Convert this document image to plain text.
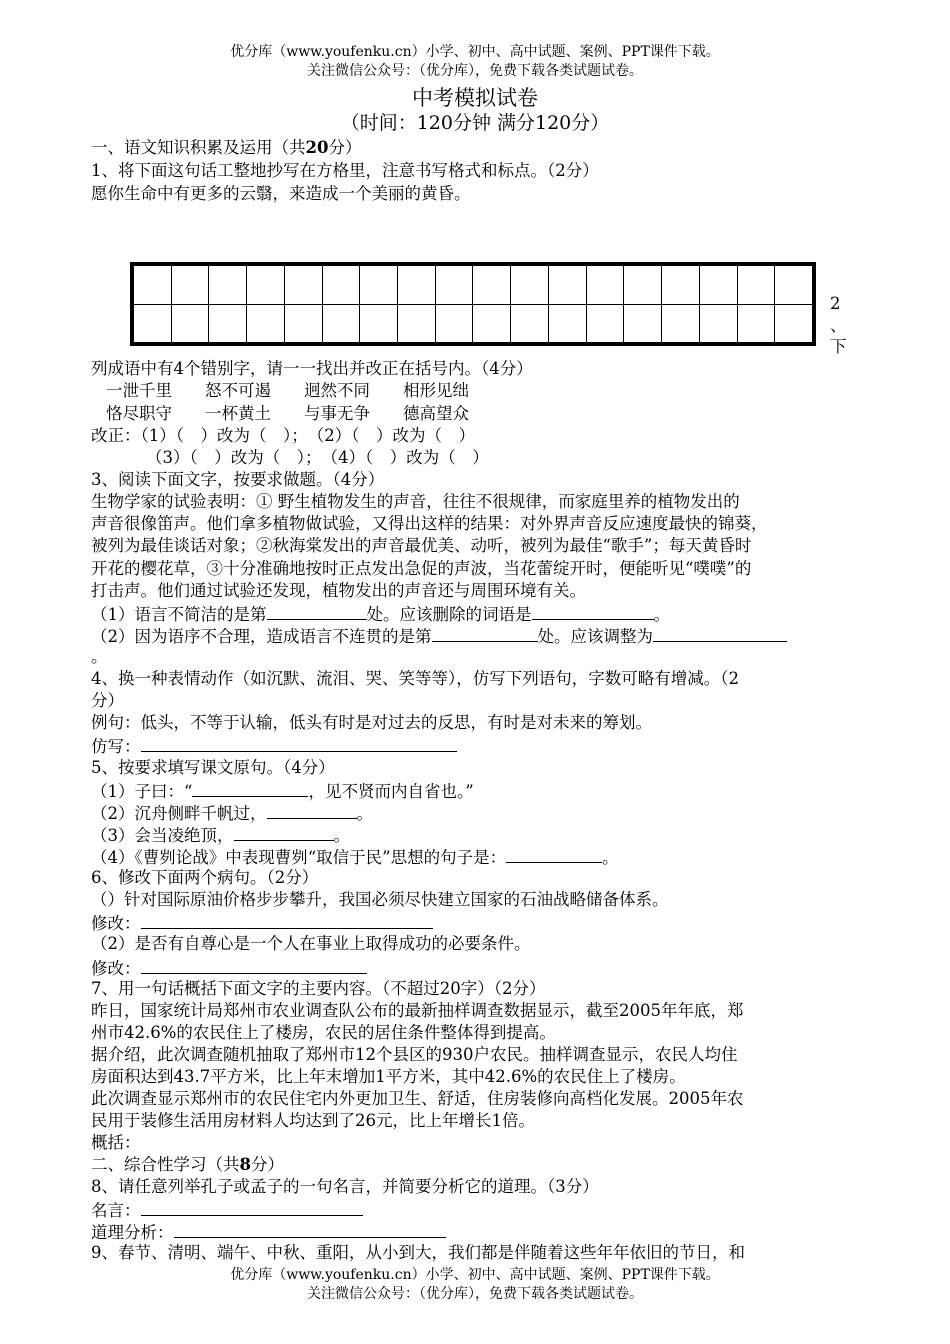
优分库（www.youfenku.cn）小学、初中、高中试题、案例、PPT课件下载。
关注微信公众号：（优分库），免费下载各类试题试卷。
中考模拟试卷
（时间：120分钟 满分120分）
一、语文知识积累及运用（共20分）
1、将下面这句话工整地抄写在方格里，注意书写格式和标点。（2分）
愿你生命中有更多的云翳，来造成一个美丽的黄昏。

2
、
下
列成语中有4个错别字，请一一找出并改正在括号内。（4分）
一泄千里　　怒不可遏　　迥然不同　　相形见绌
恪尽职守　　一杯黄土　　与事无争　　德高望众
改正：（1）（　）改为（　）；　（2）（　）改为（　）
（3）（　）改为（　）；　（4）（　）改为（　）
3、阅读下面文字，按要求做题。（4分）
生物学家的试验表明：① 野生植物发生的声音，往往不很规律，而家庭里养的植物发出的
声音很像笛声。他们拿多植物做试验，又得出这样的结果：对外界声音反应速度最快的锦葵，
被列为最佳谈话对象；②秋海棠发出的声音最优美、动听，被列为最佳“歌手”；每天黄昏时
开花的樱花草，③十分准确地按时正点发出急促的声波，当花蕾绽开时，便能听见“噗噗”的
打击声。他们通过试验还发现，植物发出的声音还与周围环境有关。
（1）语言不简洁的是第	处。应该删除的词语是	。
（2）因为语序不合理，造成语言不连贯的是第	处。应该调整为
。
4、换一种表情动作（如沉默、流泪、哭、笑等等），仿写下列语句，字数可略有增减。（2
分）
例句：低头，不等于认输，低头有时是对过去的反思，有时是对未来的筹划。
仿写：
5、按要求填写课文原句。（4分）
（1）子曰：“	，见不贤而内自省也。”
（2）沉舟侧畔千帆过，	。
（3）会当凌绝顶，	。
（4）《曹刿论战》中表现曹刿“取信于民”思想的句子是：	。
6、修改下面两个病句。（2分）
（）针对国际原油价格步步攀升，我国必须尽快建立国家的石油战略储备体系。
修改：
（2）是否有自尊心是一个人在事业上取得成功的必要条件。
修改：
7、用一句话概括下面文字的主要内容。（不超过20字）（2分）
昨日，国家统计局郑州市农业调查队公布的最新抽样调查数据显示，截至2005年年底，郑
州市42.6%的农民住上了楼房，农民的居住条件整体得到提高。
据介绍，此次调查随机抽取了郑州市12个县区的930户农民。抽样调查显示，农民人均住
房面积达到43.7平方米，比上年末增加1平方米，其中42.6%的农民住上了楼房。
此次调查显示郑州市的农民住宅内外更加卫生、舒适，住房装修向高档化发展。2005年农
民用于装修生活用房材料人均达到了26元，比上年增长1倍。
概括：
二、综合性学习（共8分）
8、请任意列举孔子或孟子的一句名言，并简要分析它的道理。（3分）
名言：
道理分析：
9、春节、清明、端午、中秋、重阳，从小到大，我们都是伴随着这些年年依旧的节日，和
优分库（www.youfenku.cn）小学、初中、高中试题、案例、PPT课件下载。
关注微信公众号：（优分库），免费下载各类试题试卷。
